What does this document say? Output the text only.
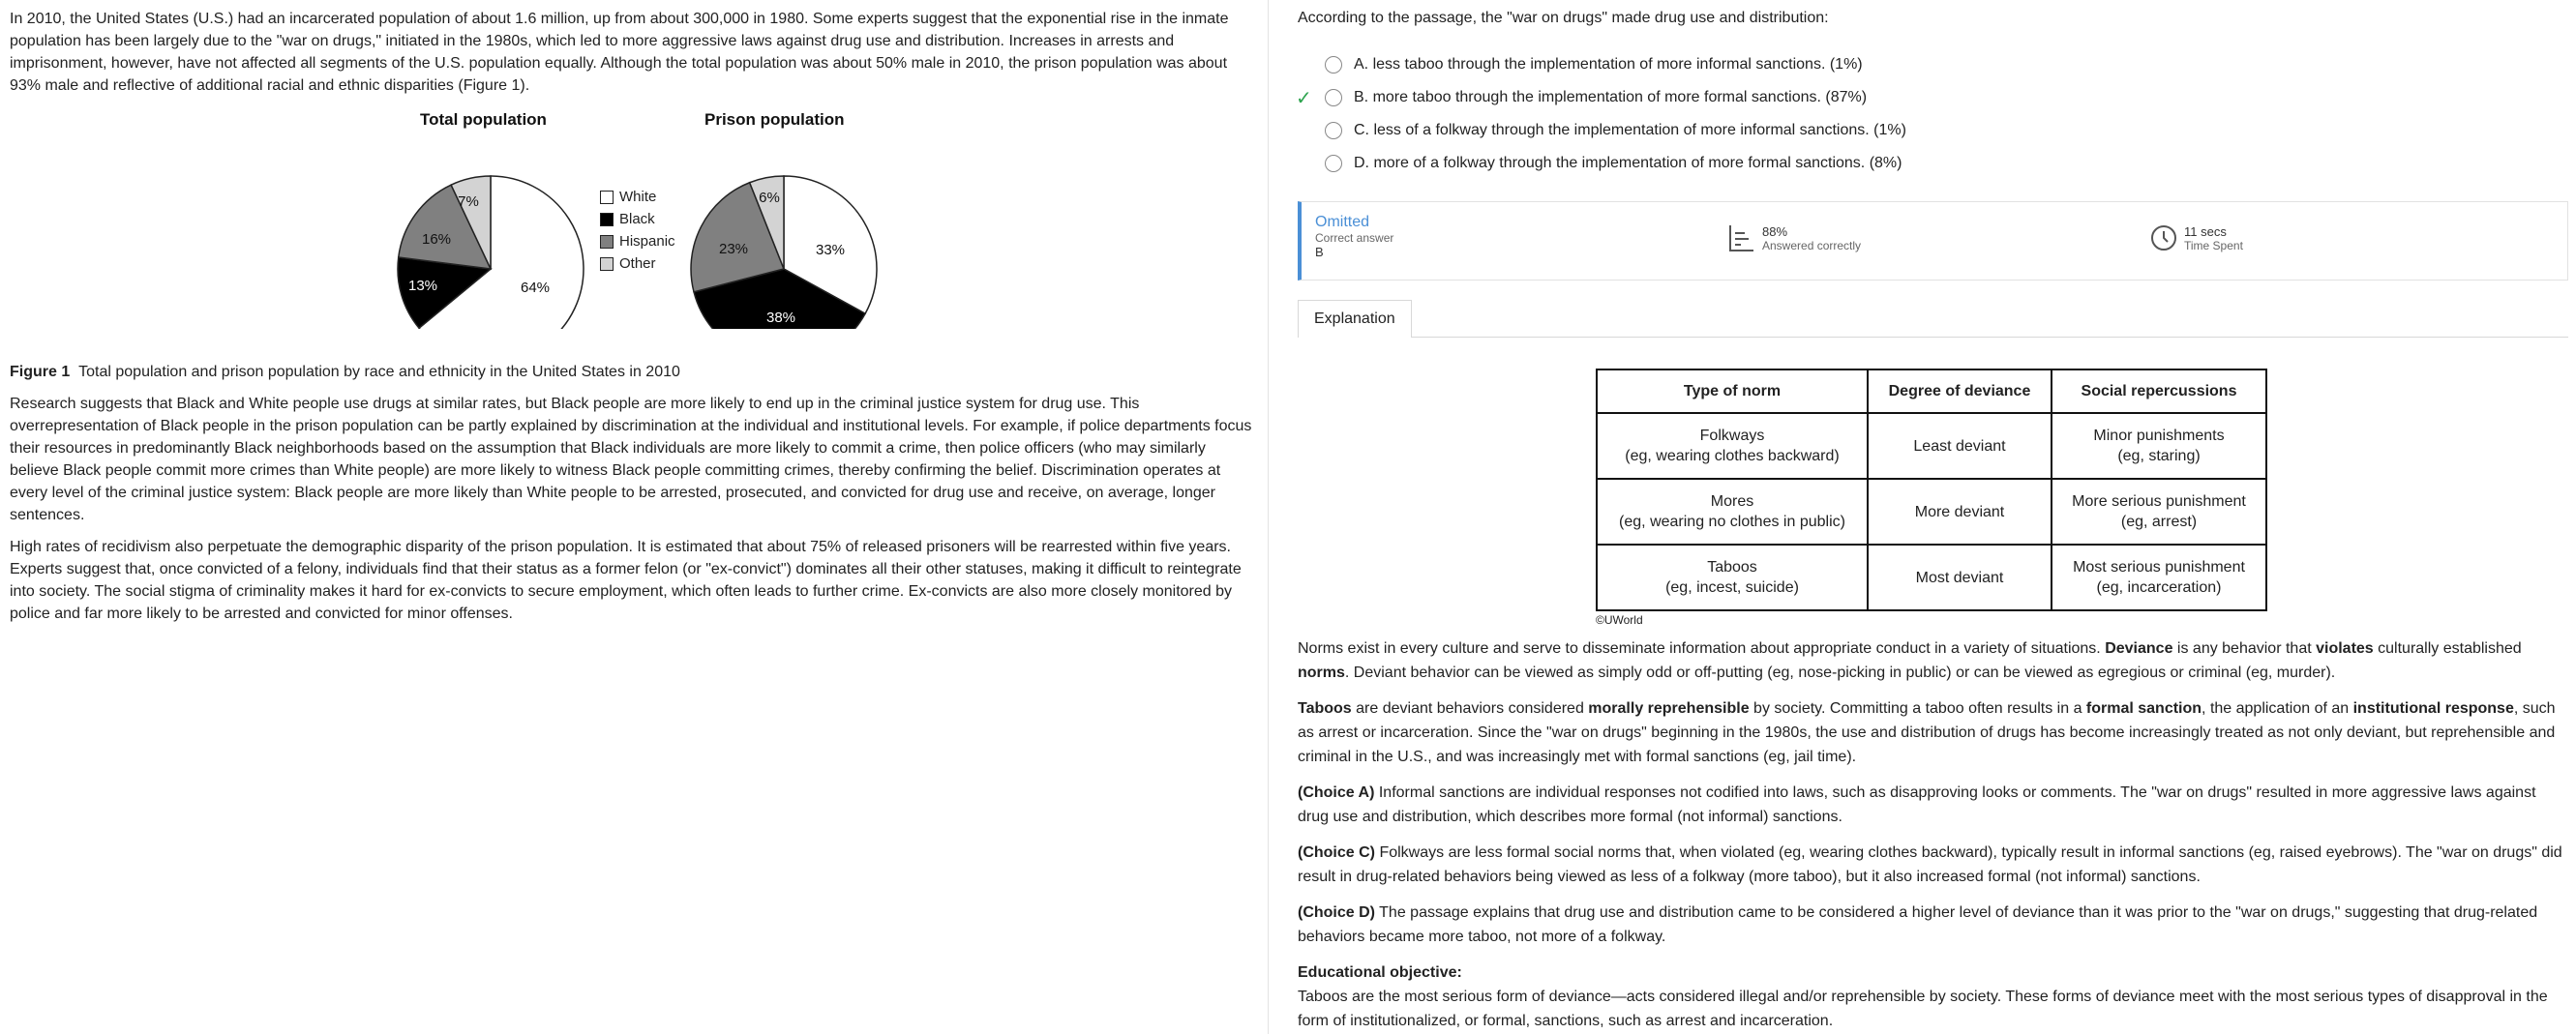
In 2010, the United States (U.S.) had an incarcerated population of about 1.6 million, up from about 300,000 in 1980. Some experts suggest that the exponential rise in the inmate population has been largely due to the "war on drugs," initiated in the 1980s, which led to more aggressive laws against drug use and distribution. Increases in arrests and imprisonment, however, have not affected all segments of the U.S. population equally. Although the total population was about 50% male in 2010, the prison population was about 93% male and reflective of additional racial and ethnic disparities (Figure 1).

Total population	Prison population
64%
13%
16%
7%
33%
38%
23%
6%
White
Black
Hispanic
Other
Figure 1 Total population and prison population by race and ethnicity in the United States in 2010

Research suggests that Black and White people use drugs at similar rates, but Black people are more likely to end up in the criminal justice system for drug use. This overrepresentation of Black people in the prison population can be partly explained by discrimination at the individual and institutional levels. For example, if police departments focus their resources in predominantly Black neighborhoods based on the assumption that Black individuals are more likely to commit a crime, then police officers (who may similarly believe Black people commit more crimes than White people) are more likely to witness Black people committing crimes, thereby confirming the belief. Discrimination operates at every level of the criminal justice system: Black people are more likely than White people to be arrested, prosecuted, and convicted for drug use and receive, on average, longer sentences.

High rates of recidivism also perpetuate the demographic disparity of the prison population. It is estimated that about 75% of released prisoners will be rearrested within five years. Experts suggest that, once convicted of a felony, individuals find that their status as a former felon (or "ex-convict") dominates all their other statuses, making it difficult to reintegrate into society. The social stigma of criminality makes it hard for ex-convicts to secure employment, which often leads to further crime. Ex-convicts are also more closely monitored by police and far more likely to be arrested and convicted for minor offenses.

According to the passage, the "war on drugs" made drug use and distribution:
A.
less taboo through the implementation of more informal sanctions.
(1%)
✓	B.
more taboo through the implementation of more formal sanctions.
(87%)
C.
less of a folkway through the implementation of more informal sanctions.
(1%)
D.
more of a folkway through the implementation of more formal sanctions.
(8%)
Omitted
Correct answer
B
88%
Answered correctly
11 secs
Time Spent
Explanation
Type of norm	Degree of deviance	Social repercussions
Folkways
(eg, wearing clothes backward)	Least deviant	Minor punishments
(eg, staring)
Mores
(eg, wearing no clothes in public)	More deviant	More serious punishment
(eg, arrest)
Taboos
(eg, incest, suicide)	Most deviant	Most serious punishment
(eg, incarceration)
©UWorld

Norms exist in every culture and serve to disseminate information about appropriate conduct in a variety of situations. Deviance is any behavior that violates culturally established norms. Deviant behavior can be viewed as simply odd or off-putting (eg, nose-picking in public) or can be viewed as egregious or criminal (eg, murder).

Taboos are deviant behaviors considered morally reprehensible by society. Committing a taboo often results in a formal sanction, the application of an institutional response, such as arrest or incarceration. Since the "war on drugs" beginning in the 1980s, the use and distribution of drugs has become increasingly treated as not only deviant, but reprehensible and criminal in the U.S., and was increasingly met with formal sanctions (eg, jail time).

(Choice A) Informal sanctions are individual responses not codified into laws, such as disapproving looks or comments. The "war on drugs" resulted in more aggressive laws against drug use and distribution, which describes more formal (not informal) sanctions.

(Choice C) Folkways are less formal social norms that, when violated (eg, wearing clothes backward), typically result in informal sanctions (eg, raised eyebrows). The "war on drugs" did result in drug-related behaviors being viewed as less of a folkway (more taboo), but it also increased formal (not informal) sanctions.

(Choice D) The passage explains that drug use and distribution came to be considered a higher level of deviance than it was prior to the "war on drugs," suggesting that drug-related behaviors became more taboo, not more of a folkway.

Educational objective:

Taboos are the most serious form of deviance—acts considered illegal and/or reprehensible by society. These forms of deviance meet with the most serious types of disapproval in the form of institutionalized, or formal, sanctions, such as arrest and incarceration.
